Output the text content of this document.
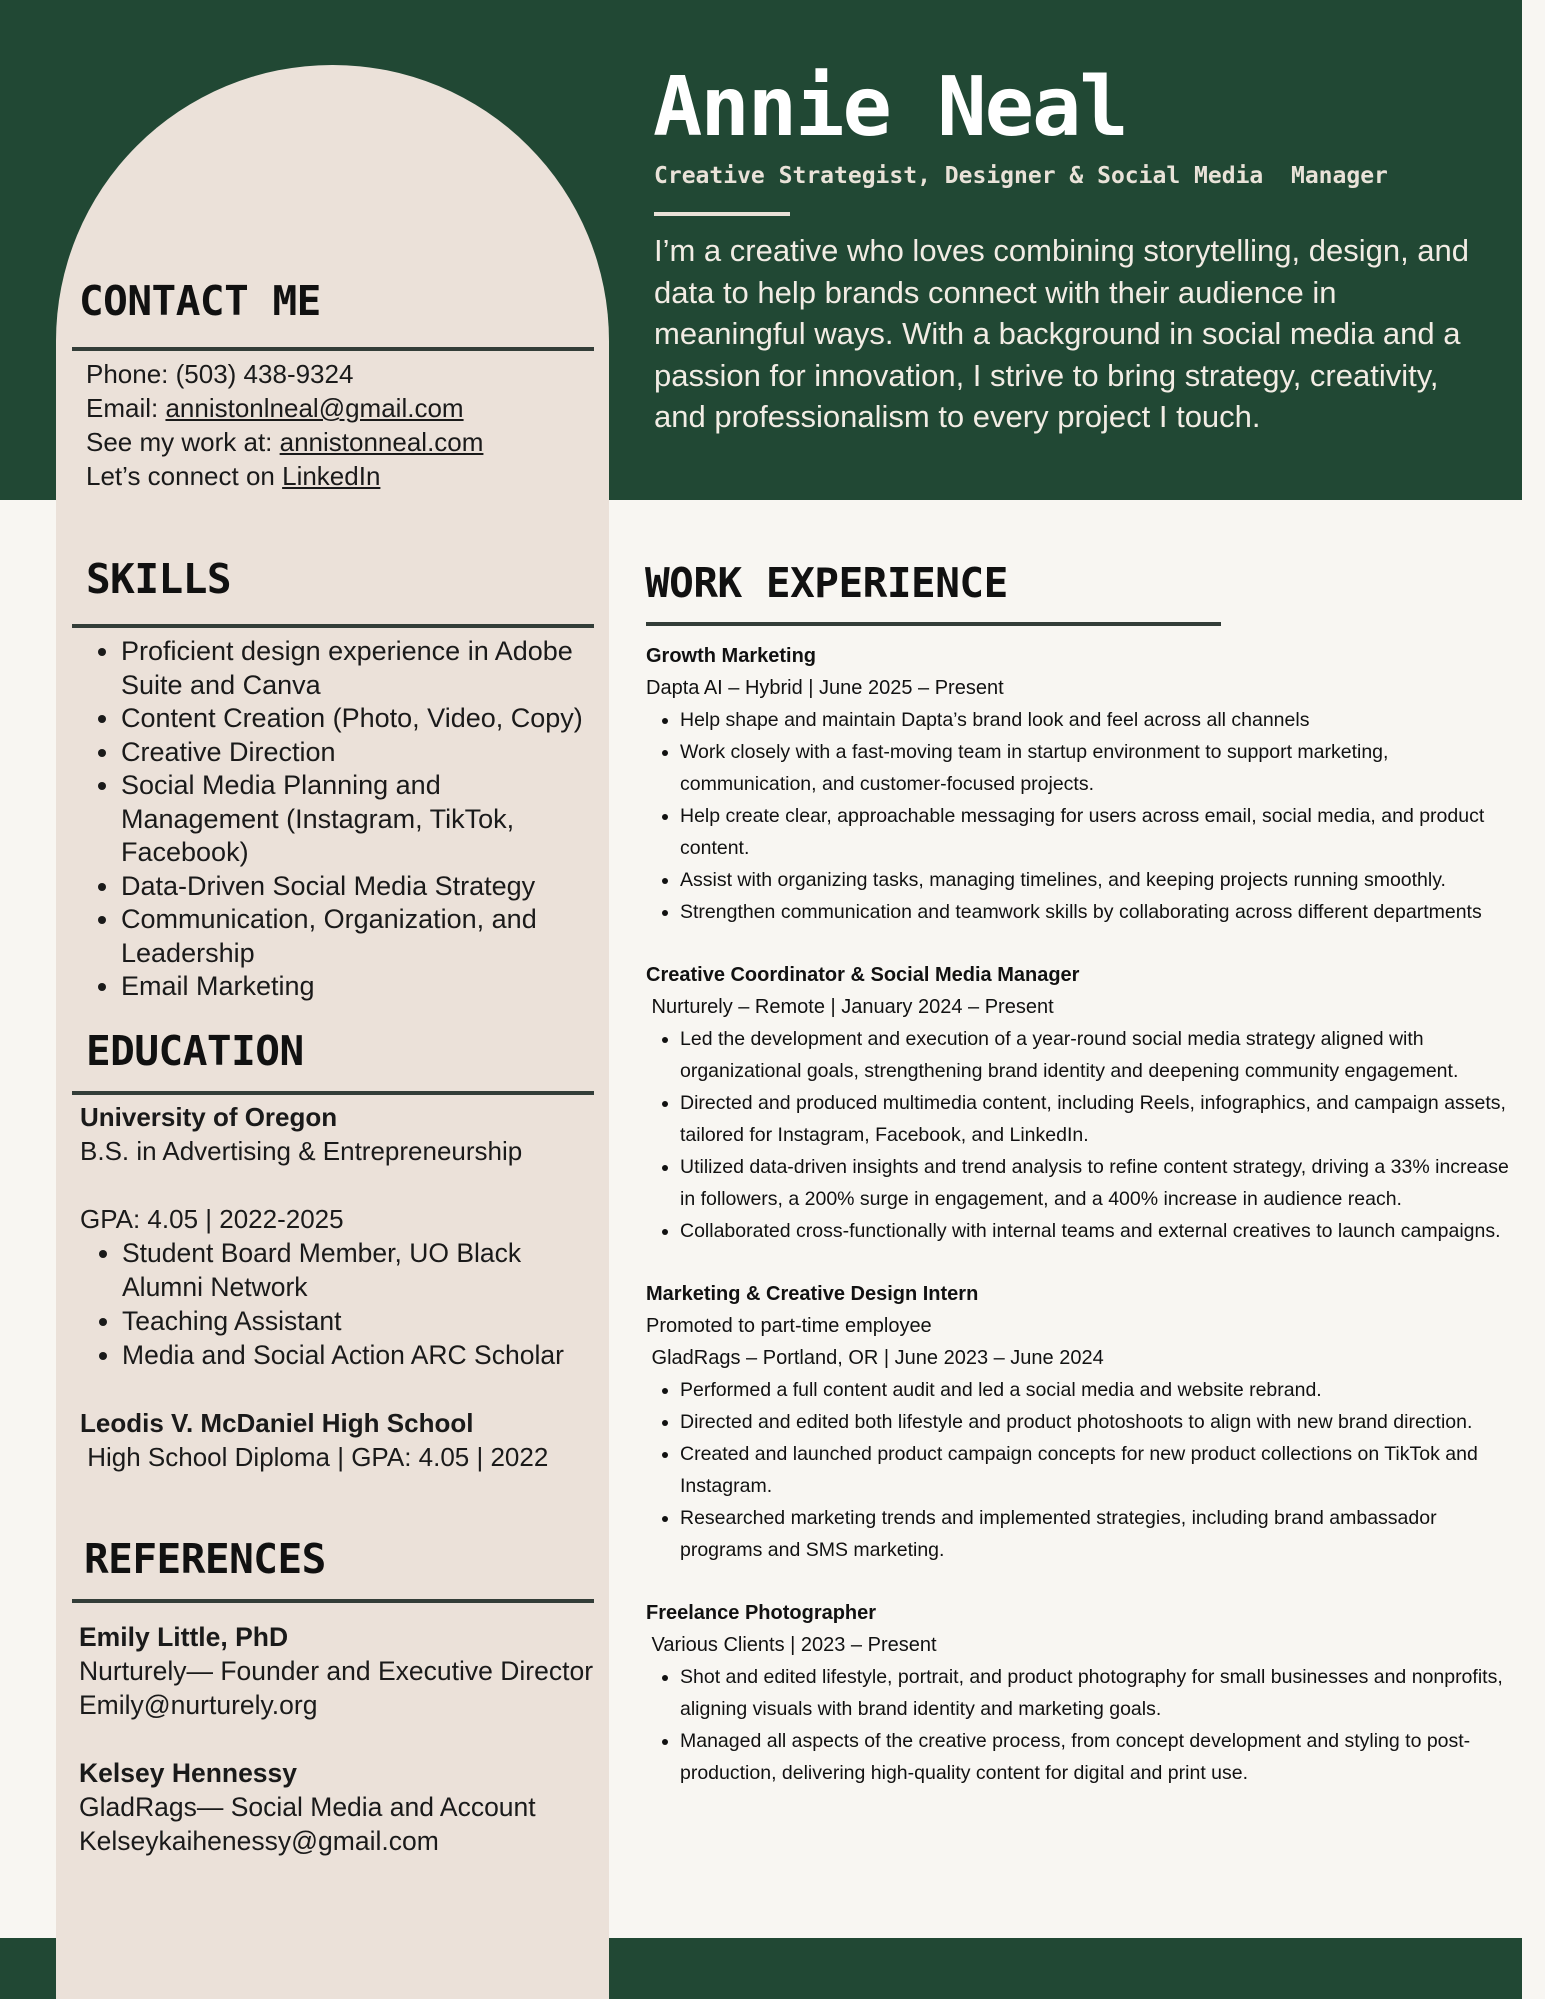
Annie Neal

Creative Strategist, Designer & Social Media  Manager

I’m a creative who loves combining storytelling, design, and data to help brands connect with their audience in meaningful ways. With a background in social media and a passion for innovation, I strive to bring strategy, creativity, and professionalism to every project I touch.

CONTACT ME
Phone: (503) 438-9324
Email: annistonlneal@gmail.com
See my work at: annistonneal.com
Let’s connect on LinkedIn
SKILLS
• Proficient design experience in Adobe Suite and Canva
• Content Creation (Photo, Video, Copy)
• Creative Direction
• Social Media Planning and Management (Instagram, TikTok, Facebook)
• Data-Driven Social Media Strategy
• Communication, Organization, and Leadership
• Email Marketing
EDUCATION
University of Oregon
B.S. in Advertising & Entrepreneurship
GPA: 4.05 | 2022-2025
• Student Board Member, UO Black Alumni Network
• Teaching Assistant
• Media and Social Action ARC Scholar
Leodis V. McDaniel High School
High School Diploma | GPA: 4.05 | 2022
REFERENCES
Emily Little, PhD
Nurturely— Founder and Executive Director
Emily@nurturely.org
Kelsey Hennessy
GladRags— Social Media and Account
Kelseykaihenessy@gmail.com
WORK EXPERIENCE

Growth Marketing

Dapta AI – Hybrid | June 2025 – Present

• Help shape and maintain Dapta’s brand look and feel across all channels
• Work closely with a fast-moving team in startup environment to support marketing, communication, and customer-focused projects.
• Help create clear, approachable messaging for users across email, social media, and product content.
• Assist with organizing tasks, managing timelines, and keeping projects running smoothly.
• Strengthen communication and teamwork skills by collaborating across different departments

Creative Coordinator & Social Media Manager

Nurturely – Remote | January 2024 – Present

• Led the development and execution of a year-round social media strategy aligned with organizational goals, strengthening brand identity and deepening community engagement.
• Directed and produced multimedia content, including Reels, infographics, and campaign assets, tailored for Instagram, Facebook, and LinkedIn.
• Utilized data-driven insights and trend analysis to refine content strategy, driving a 33% increase in followers, a 200% surge in engagement, and a 400% increase in audience reach.
• Collaborated cross-functionally with internal teams and external creatives to launch campaigns.

Marketing & Creative Design Intern

Promoted to part-time employee

GladRags – Portland, OR | June 2023 – June 2024

• Performed a full content audit and led a social media and website rebrand.
• Directed and edited both lifestyle and product photoshoots to align with new brand direction.
• Created and launched product campaign concepts for new product collections on TikTok and Instagram.
• Researched marketing trends and implemented strategies, including brand ambassador programs and SMS marketing.

Freelance Photographer

Various Clients | 2023 – Present

• Shot and edited lifestyle, portrait, and product photography for small businesses and nonprofits, aligning visuals with brand identity and marketing goals.
• Managed all aspects of the creative process, from concept development and styling to post-production, delivering high-quality content for digital and print use.
